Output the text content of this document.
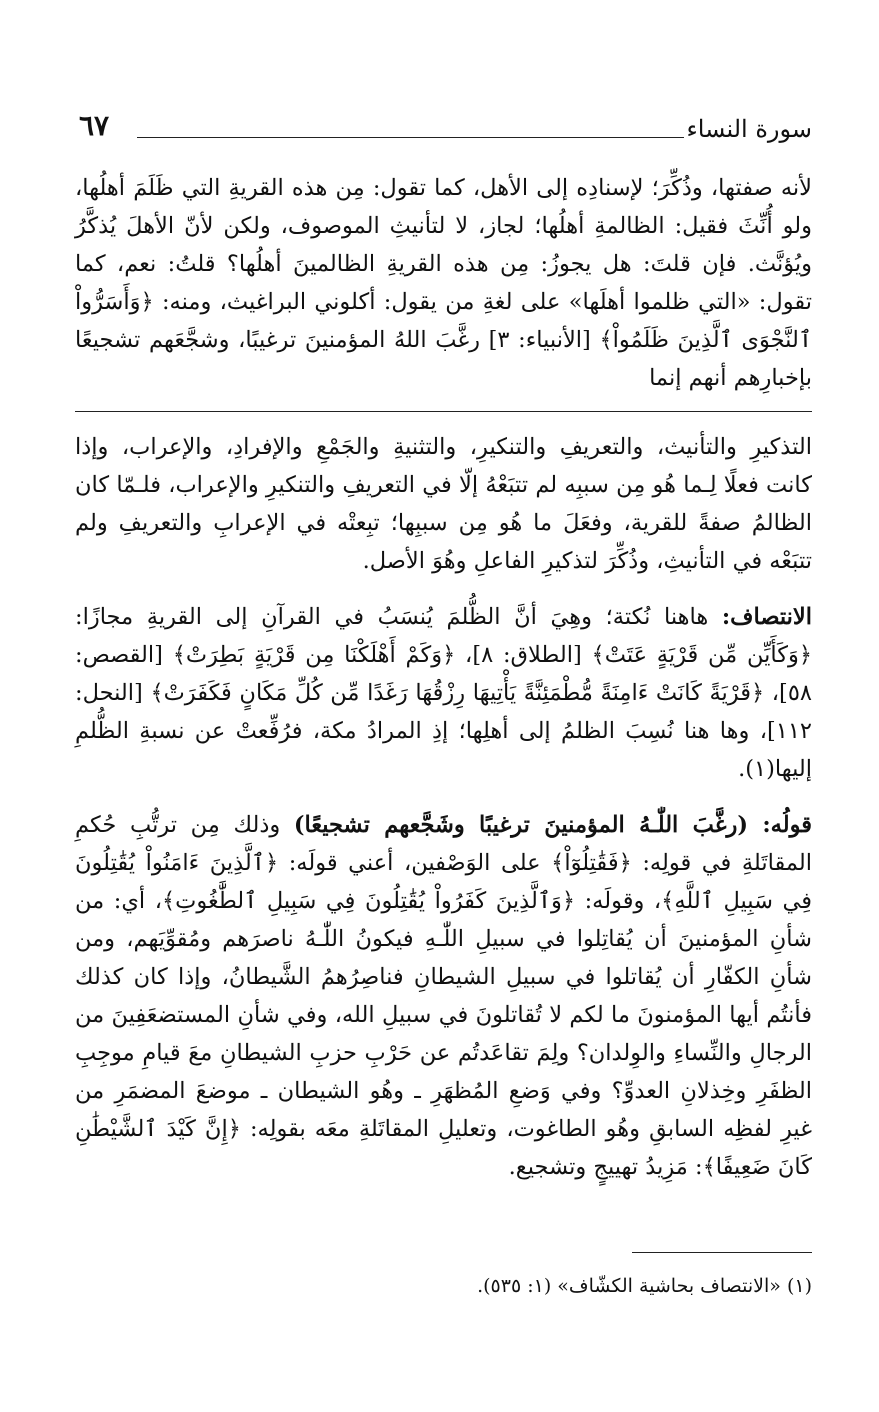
سورة النساء
٦٧

لأنه صفتها، وذُكِّرَ؛ لإسنادِه إلى الأهل، كما تقول: مِن هذه القريةِ التي ظَلَمَ أهلُها، ولو أُنِّثَ فقيل: الظالمةِ أهلُها؛ لجاز، لا لتأنيثِ الموصوف، ولكن لأنّ الأهلَ يُذكَّرُ ويُؤنَّث. فإن قلتَ: هل يجوزُ: مِن هذه القريةِ الظالمينَ أهلُها؟ قلتُ: نعم، كما تقول: «التي ظلموا أهلَها» على لغةِ من يقول: أكلوني البراغيث، ومنه: ﴿وَأَسَرُّواْ ٱلنَّجْوَى ٱلَّذِينَ ظَلَمُواْ﴾ [الأنبياء: ٣] رغَّبَ اللهُ المؤمنينَ ترغيبًا، وشجَّعَهم تشجيعًا بإخبارِهم أنهم إنما

التذكيرِ والتأنيث، والتعريفِ والتنكيرِ، والتثنيةِ والجَمْعِ والإفرادِ، والإعراب، وإذا كانت فعلًا لِـما هُو مِن سببِه لم تتبَعْهُ إلّا في التعريفِ والتنكيرِ والإعراب، فلـمّا كان الظالمُ صفةً للقرية، وفعَلَ ما هُو مِن سببِها؛ تبِعتْه في الإعرابِ والتعريفِ ولم تتبَعْه في التأنيثِ، وذُكِّرَ لتذكيرِ الفاعلِ وهُوَ الأصل.

الانتصاف: هاهنا نُكتة؛ وهِيَ أنَّ الظُّلمَ يُنسَبُ في القرآنِ إلى القريةِ مجازًا: ﴿وَكَأَيِّن مِّن قَرْيَةٍ عَتَتْ﴾ [الطلاق: ٨]، ﴿وَكَمْ أَهْلَكْنَا مِن قَرْيَةٍ بَطِرَتْ﴾ [القصص: ٥٨]، ﴿قَرْيَةً كَانَتْ ءَامِنَةً مُّطْمَئِنَّةً يَأْتِيهَا رِزْقُهَا رَغَدًا مِّن كُلِّ مَكَانٍ فَكَفَرَتْ﴾ [النحل: ١١٢]، وها هنا نُسِبَ الظلمُ إلى أهلِها؛ إذِ المرادُ مكة، فرُفِّعتْ عن نسبةِ الظُّلمِ إليها(١).

قولُه: (رغَّبَ اللّٰـهُ المؤمنينَ ترغيبًا وشَجَّعهم تشجيعًا) وذلك مِن ترتُّبِ حُكمِ المقاتَلةِ في قولِه: ﴿فَقَٰتِلُوٓاْ﴾ على الوَصْفين، أعني قولَه: ﴿ٱلَّذِينَ ءَامَنُواْ يُقَٰتِلُونَ فِي سَبِيلِ ٱللَّهِ﴾، وقولَه: ﴿وَٱلَّذِينَ كَفَرُواْ يُقَٰتِلُونَ فِي سَبِيلِ ٱلطَّٰغُوتِ﴾، أي: من شأنِ المؤمنينَ أن يُقاتِلوا في سبيلِ اللّٰـهِ فيكونُ اللّٰـهُ ناصرَهم ومُقوِّيَهم، ومن شأنِ الكفّارِ أن يُقاتلوا في سبيلِ الشيطانِ فناصِرُهمُ الشَّيطانُ، وإذا كان كذلك فأنتُم أيها المؤمنونَ ما لكم لا تُقاتلونَ في سبيلِ الله، وفي شأنِ المستضعَفِينَ من الرجالِ والنِّساءِ والوِلدان؟ ولِمَ تقاعَدتُم عن حَرْبِ حزبِ الشيطانِ معَ قيامِ موجِبِ الظفَرِ وخِذلانِ العدوِّ؟ وفي وَضعِ المُظهَرِ ـ وهُو الشيطان ـ موضعَ المضمَرِ من غيرِ لفظِه السابقِ وهُو الطاغوت، وتعليلِ المقاتَلةِ معَه بقولِه: ﴿إِنَّ كَيْدَ ٱلشَّيْطَٰنِ كَانَ ضَعِيفًا﴾: مَزِيدُ تهييجٍ وتشجيع.

(١) «الانتصاف بحاشية الكشّاف» (١: ٥٣٥).
